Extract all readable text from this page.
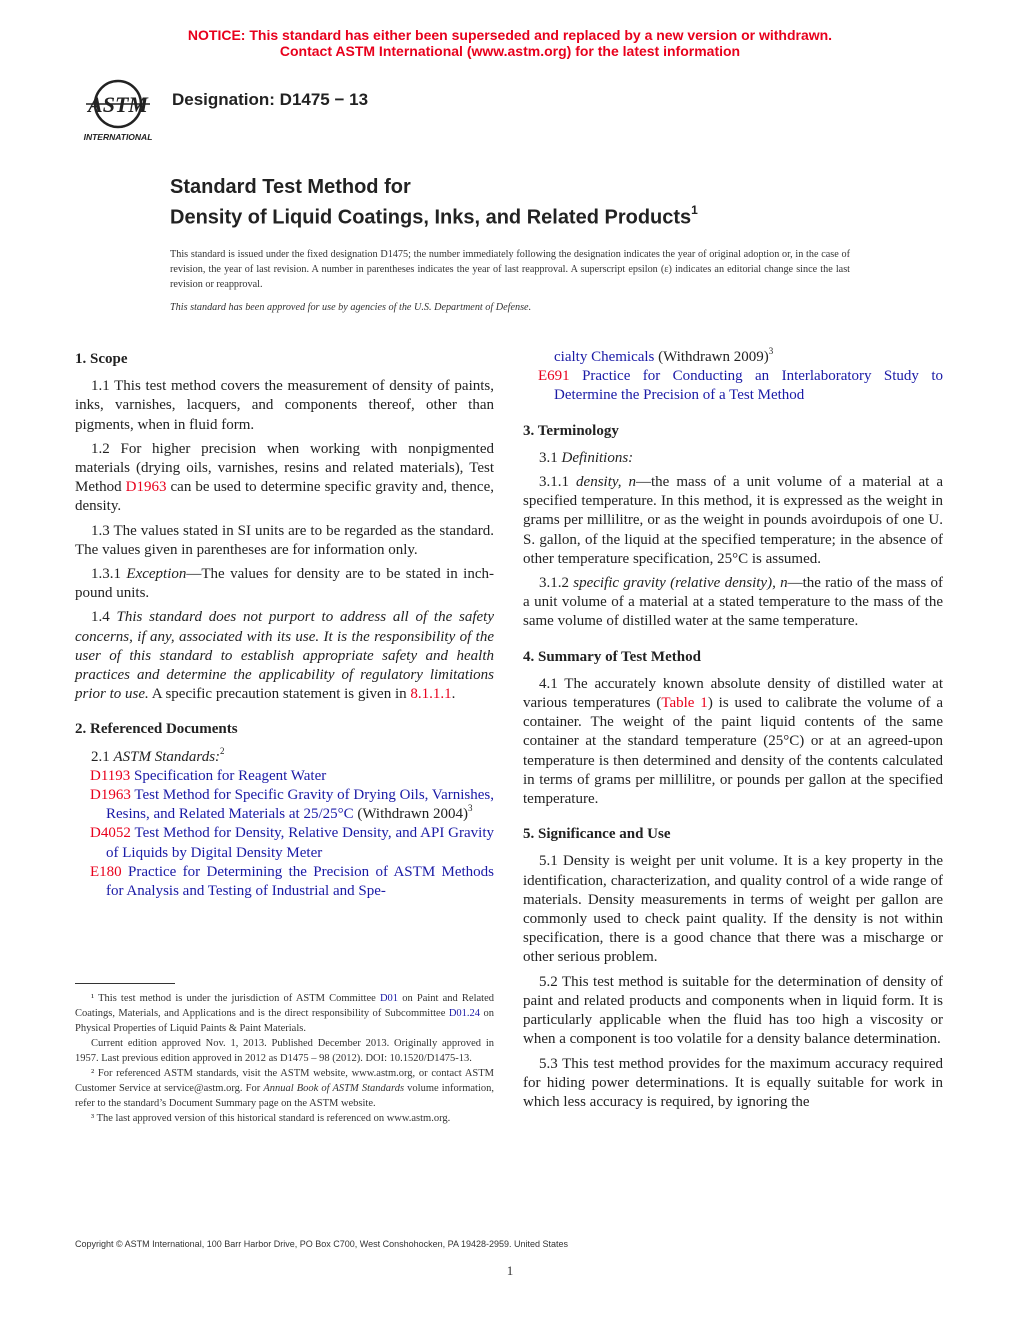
NOTICE: This standard has either been superseded and replaced by a new version or withdrawn.
Contact ASTM International (www.astm.org) for the latest information
ASTM
INTERNATIONAL
Designation: D1475 − 13
Standard Test Method for
Density of Liquid Coatings, Inks, and Related Products$^1$
This standard is issued under the fixed designation D1475; the number immediately following the designation indicates the year of original adoption or, in the case of revision, the year of last revision. A number in parentheses indicates the year of last reapproval. A superscript epsilon (ε) indicates an editorial change since the last revision or reapproval.
This standard has been approved for use by agencies of the U.S. Department of Defense.

1. Scope

1.1 This test method covers the measurement of density of paints, inks, varnishes, lacquers, and components thereof, other than pigments, when in fluid form.

1.2 For higher precision when working with nonpigmented materials (drying oils, varnishes, resins and related materials), Test Method D1963 can be used to determine specific gravity and, thence, density.

1.3 The values stated in SI units are to be regarded as the standard. The values given in parentheses are for information only.

1.3.1 Exception—The values for density are to be stated in inch-pound units.

1.4 This standard does not purport to address all of the safety concerns, if any, associated with its use. It is the responsibility of the user of this standard to establish appropriate safety and health practices and determine the applicability of regulatory limitations prior to use. A specific precaution statement is given in 8.1.1.1.

2. Referenced Documents

2.1 ASTM Standards:$^2$

D1193 Specification for Reagent Water

D1963 Test Method for Specific Gravity of Drying Oils, Varnishes, Resins, and Related Materials at 25/25°C (Withdrawn 2004)$^3$

D4052 Test Method for Density, Relative Density, and API Gravity of Liquids by Digital Density Meter

E180 Practice for Determining the Precision of ASTM Methods for Analysis and Testing of Industrial and Spe-

¹ This test method is under the jurisdiction of ASTM Committee D01 on Paint and Related Coatings, Materials, and Applications and is the direct responsibility of Subcommittee D01.24 on Physical Properties of Liquid Paints & Paint Materials.

Current edition approved Nov. 1, 2013. Published December 2013. Originally approved in 1957. Last previous edition approved in 2012 as D1475 – 98 (2012). DOI: 10.1520/D1475-13.

² For referenced ASTM standards, visit the ASTM website, www.astm.org, or contact ASTM Customer Service at service@astm.org. For Annual Book of ASTM Standards volume information, refer to the standard’s Document Summary page on the ASTM website.

³ The last approved version of this historical standard is referenced on www.astm.org.

cialty Chemicals (Withdrawn 2009)$^3$

E691 Practice for Conducting an Interlaboratory Study to Determine the Precision of a Test Method

3. Terminology

3.1 Definitions:

3.1.1 density, n—the mass of a unit volume of a material at a specified temperature. In this method, it is expressed as the weight in grams per millilitre, or as the weight in pounds avoirdupois of one U. S. gallon, of the liquid at the specified temperature; in the absence of other temperature specification, 25°C is assumed.

3.1.2 specific gravity (relative density), n—the ratio of the mass of a unit volume of a material at a stated temperature to the mass of the same volume of distilled water at the same temperature.

4. Summary of Test Method

4.1 The accurately known absolute density of distilled water at various temperatures (Table 1) is used to calibrate the volume of a container. The weight of the paint liquid contents of the same container at the standard temperature (25°C) or at an agreed-upon temperature is then determined and density of the contents calculated in terms of grams per millilitre, or pounds per gallon at the specified temperature.

5. Significance and Use

5.1 Density is weight per unit volume. It is a key property in the identification, characterization, and quality control of a wide range of materials. Density measurements in terms of weight per gallon are commonly used to check paint quality. If the density is not within specification, there is a good chance that there was a mischarge or other serious problem.

5.2 This test method is suitable for the determination of density of paint and related products and components when in liquid form. It is particularly applicable when the fluid has too high a viscosity or when a component is too volatile for a density balance determination.

5.3 This test method provides for the maximum accuracy required for hiding power determinations. It is equally suitable for work in which less accuracy is required, by ignoring the

Copyright © ASTM International, 100 Barr Harbor Drive, PO Box C700, West Conshohocken, PA 19428-2959. United States
1
